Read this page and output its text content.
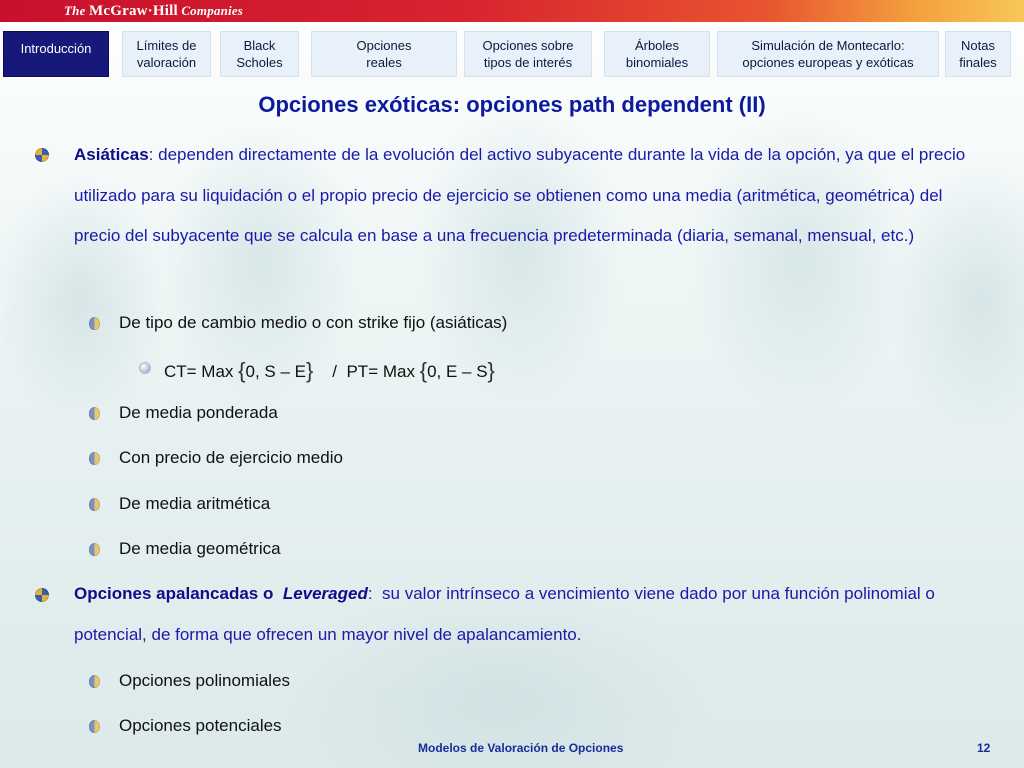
The McGraw·Hill Companies
Introducción	Límites de
valoración
Black
Scholes
Opciones
reales
Opciones sobre
tipos de interés
Árboles
binomiales
Simulación de Montecarlo:
opciones europeas y exóticas
Notas
finales
Opciones exóticas: opciones path dependent (II)
Asiáticas: dependen directamente de la evolución del activo subyacente durante la vida de la opción, ya que el precio utilizado para su liquidación o el propio precio de ejercicio se obtienen como una media (aritmética, geométrica) del precio del subyacente que se calcula en base a una frecuencia predeterminada (diaria, semanal, mensual, etc.)
De tipo de cambio medio o con strike fijo (asiáticas)
CT= Max {0, S – E} / PT= Max {0, E – S}
De media ponderada
Con precio de ejercicio medio
De media aritmética
De media geométrica
Opciones apalancadas o Leveraged: su valor intrínseco a vencimiento viene dado por una función polinomial o potencial, de forma que ofrecen un mayor nivel de apalancamiento.
Opciones polinomiales
Opciones potenciales
Modelos de Valoración de Opciones	12
